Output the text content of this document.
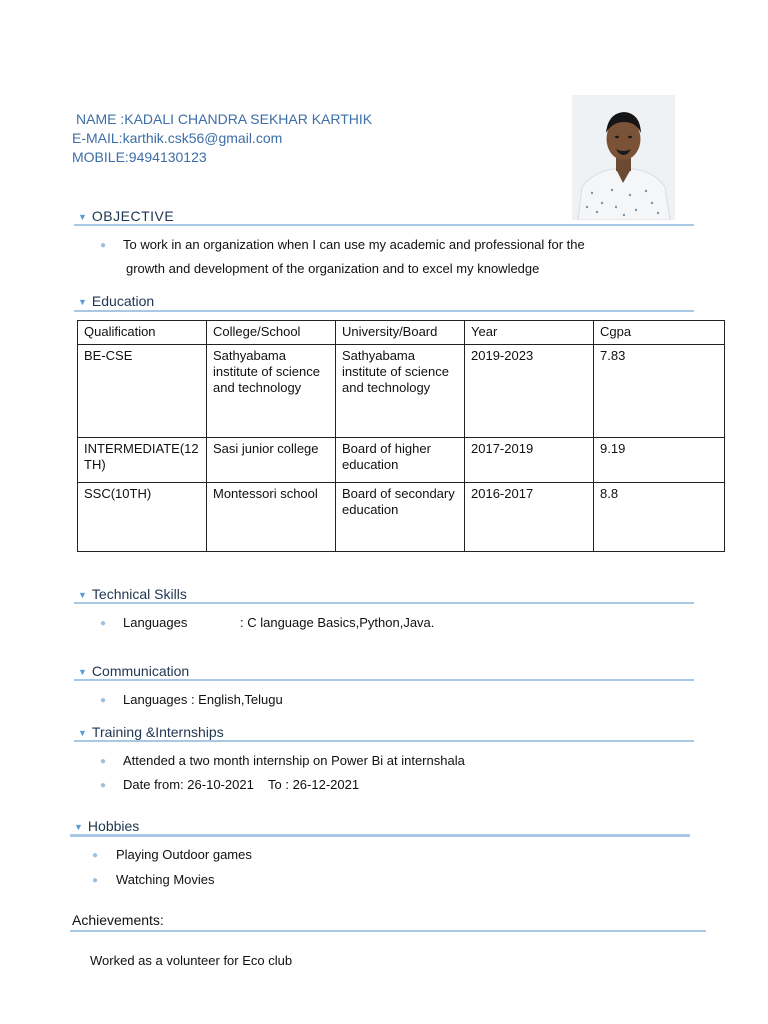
NAME :KADALI CHANDRA SEKHAR KARTHIK
E-MAIL:karthik.csk56@gmail.com
MOBILE:9494130123
▼ OBJECTIVE
● To work in an organization when I can use my academic and professional for the
growth and development of the organization and to excel my knowledge
▼ Education
Qualification	College/School	University/Board	Year	Cgpa
BE-CSE	Sathyabama institute of science and technology	Sathyabama institute of science and technology	2019-2023	7.83
INTERMEDIATE(12TH)	Sasi junior college	Board of higher education	2017-2019	9.19
SSC(10TH)	Montessori school	Board of secondary education	2016-2017	8.8
▼ Technical Skills
● Languages	: C language Basics,Python,Java.
▼ Communication
● Languages : English,Telugu
▼ Training &Internships
● Attended a two month internship on Power Bi at internshala
● Date from: 26-10-2021    To : 26-12-2021
▼ Hobbies
● Playing Outdoor games
● Watching Movies
Achievements:
Worked as a volunteer for Eco club
